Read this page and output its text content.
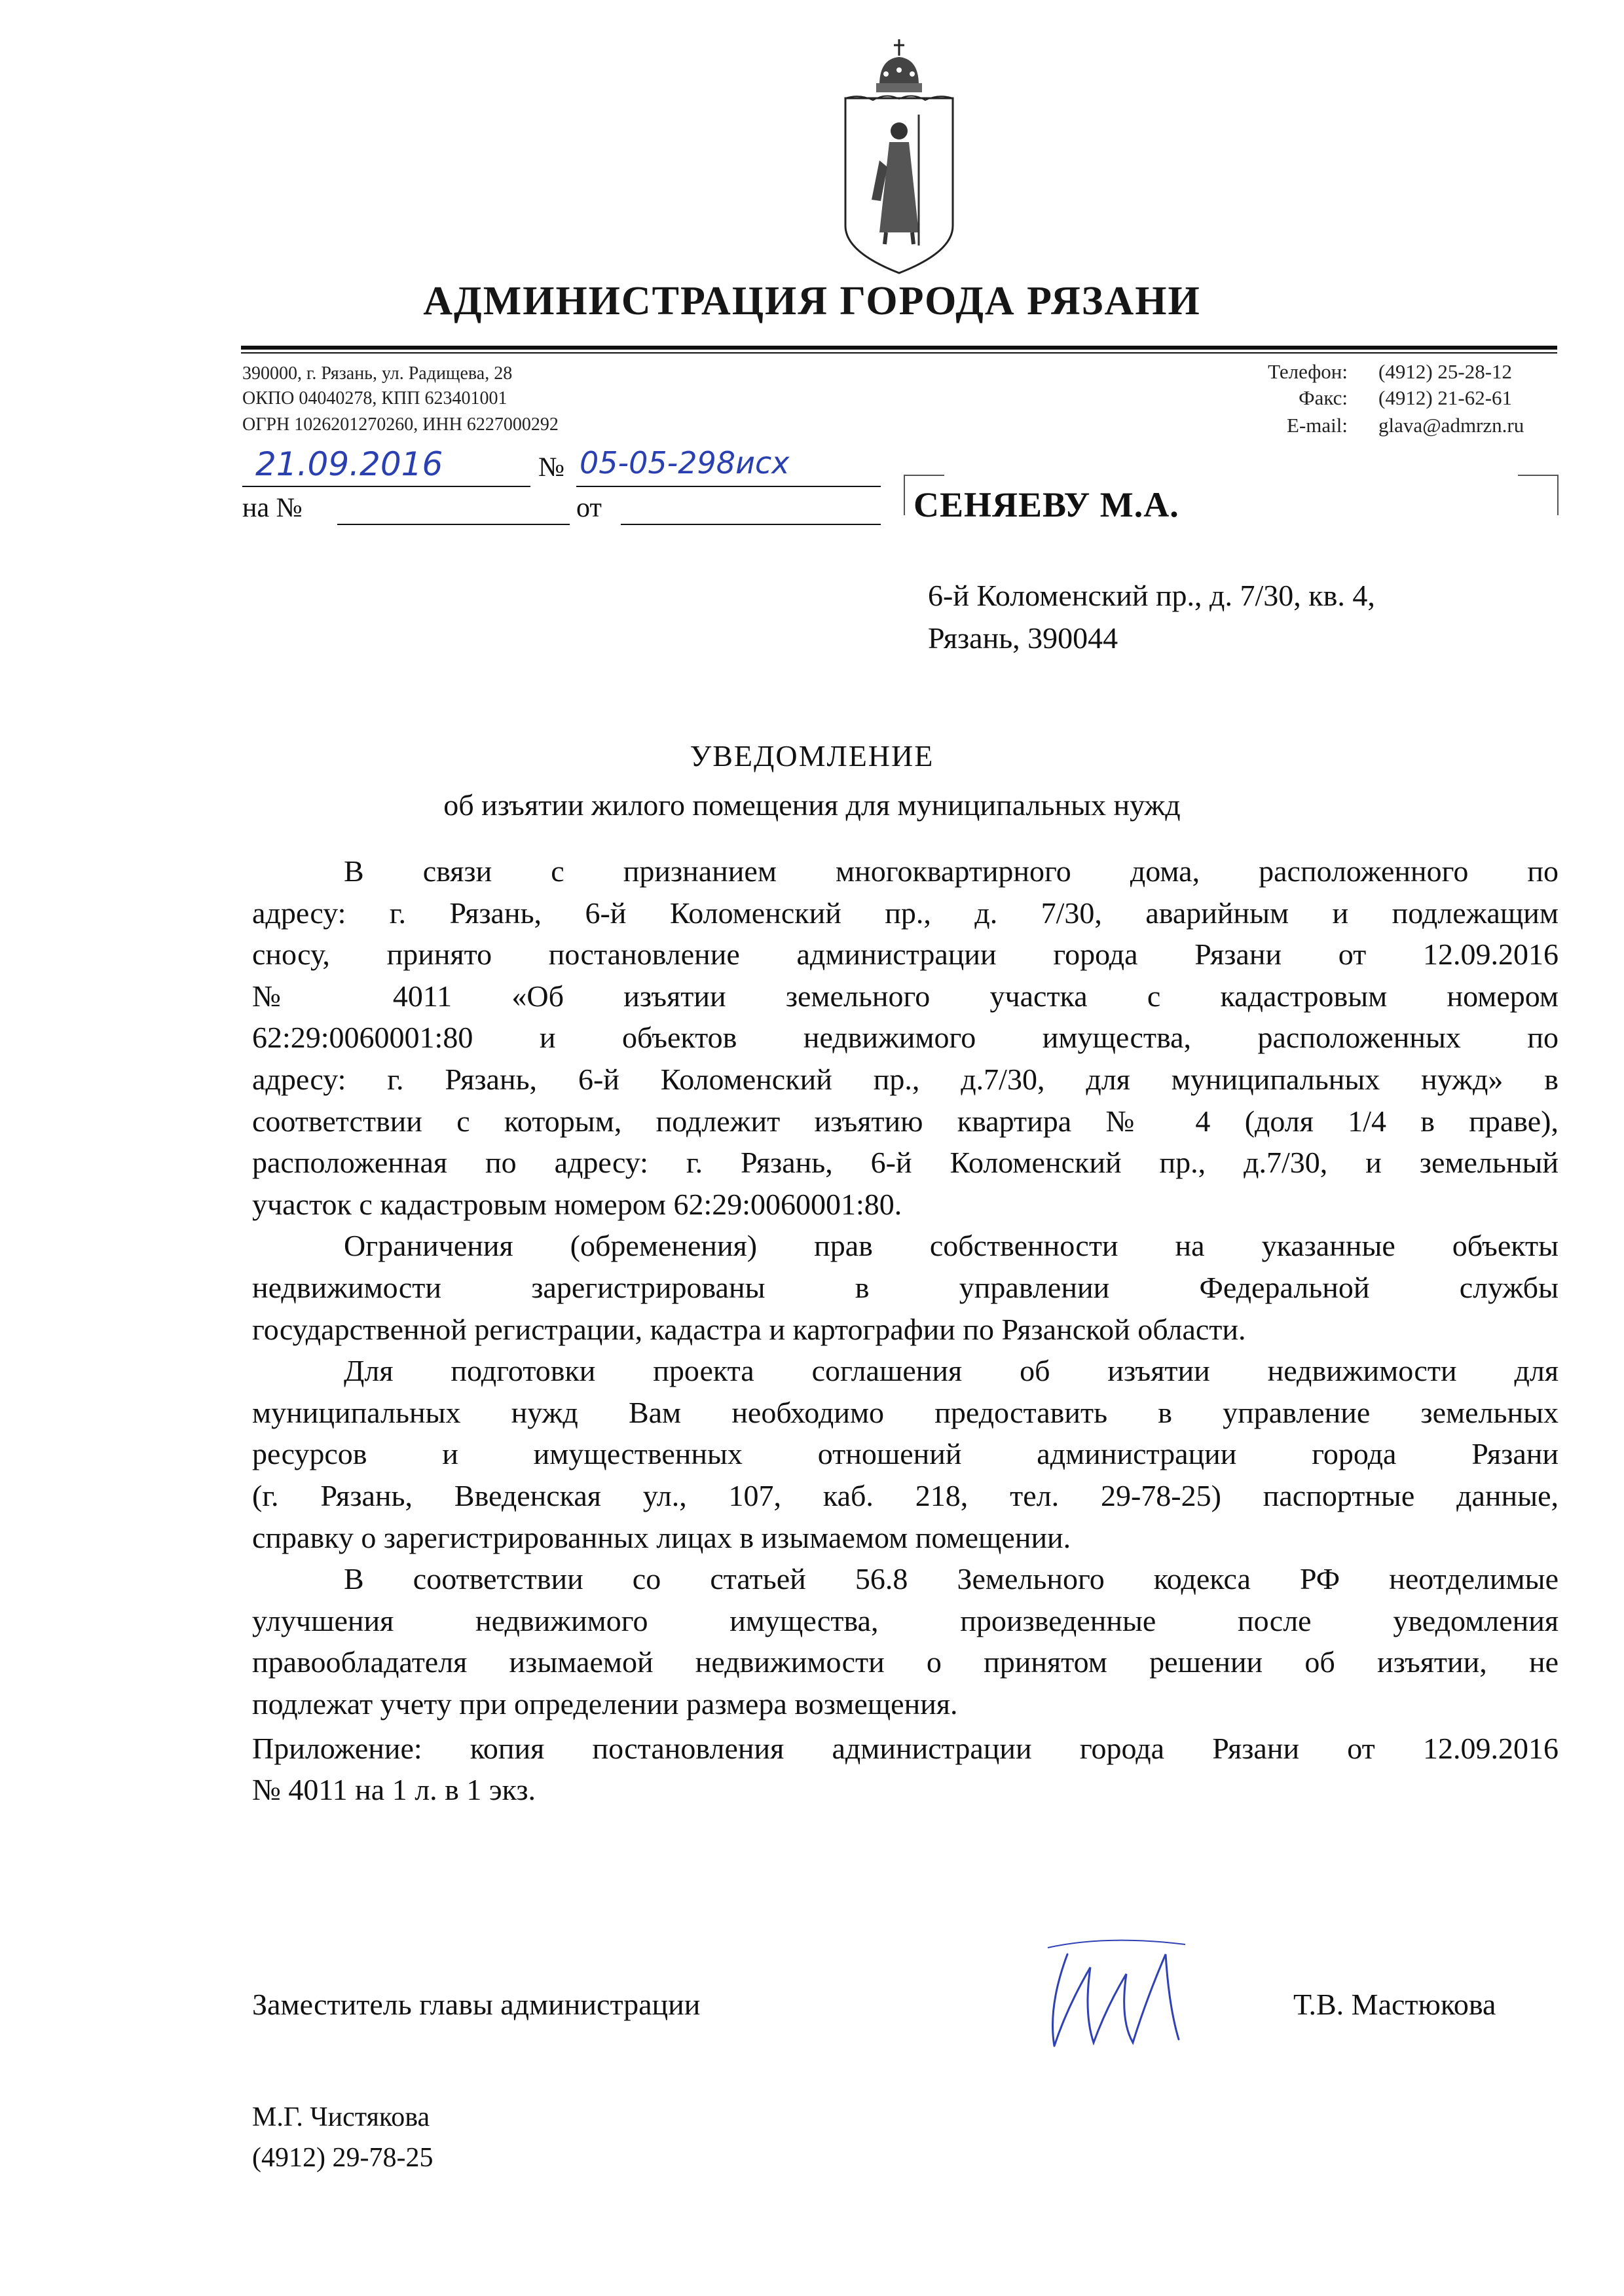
АДМИНИСТРАЦИЯ ГОРОДА РЯЗАНИ
390000, г. Рязань, ул. Радищева, 28
ОКПО 04040278, КПП 623401001
ОГРН 1026201270260, ИНН 6227000292
Телефон: (4912) 25-28-12
Факс: (4912) 21-62-61
E-mail: glava@admrzn.ru
21.09.2016	№ 05-05-298исх
на №	от	СЕНЯЕВУ М.А.
6-й Коломенский пр., д. 7/30, кв. 4,
Рязань, 390044
УВЕДОМЛЕНИЕ
об изъятии жилого помещения для муниципальных нужд
В связи с признанием многоквартирного дома, расположенного по
адресу: г. Рязань, 6-й Коломенский пр., д. 7/30, аварийным и подлежащим
сносу, принято постановление администрации города Рязани от 12.09.2016
№ 4011 «Об изъятии земельного участка с кадастровым номером
62:29:0060001:80 и объектов недвижимого имущества, расположенных по
адресу: г. Рязань, 6-й Коломенский пр., д.7/30, для муниципальных нужд» в
соответствии с которым, подлежит изъятию квартира № 4 (доля 1/4 в праве),
расположенная по адресу: г. Рязань, 6-й Коломенский пр., д.7/30, и земельный
участок с кадастровым номером 62:29:0060001:80.
Ограничения (обременения) прав собственности на указанные объекты
недвижимости зарегистрированы в управлении Федеральной службы
государственной регистрации, кадастра и картографии по Рязанской области.
Для подготовки проекта соглашения об изъятии недвижимости для
муниципальных нужд Вам необходимо предоставить в управление земельных
ресурсов и имущественных отношений администрации города Рязани
(г. Рязань, Введенская ул., 107, каб. 218, тел. 29-78-25) паспортные данные,
справку о зарегистрированных лицах в изымаемом помещении.
В соответствии со статьей 56.8 Земельного кодекса РФ неотделимые
улучшения недвижимого имущества, произведенные после уведомления
правообладателя изымаемой недвижимости о принятом решении об изъятии, не
подлежат учету при определении размера возмещения.
Приложение: копия постановления администрации города Рязани от 12.09.2016
№ 4011 на 1 л. в 1 экз.
Заместитель главы администрации	Т.В. Мастюкова
М.Г. Чистякова
(4912) 29-78-25
